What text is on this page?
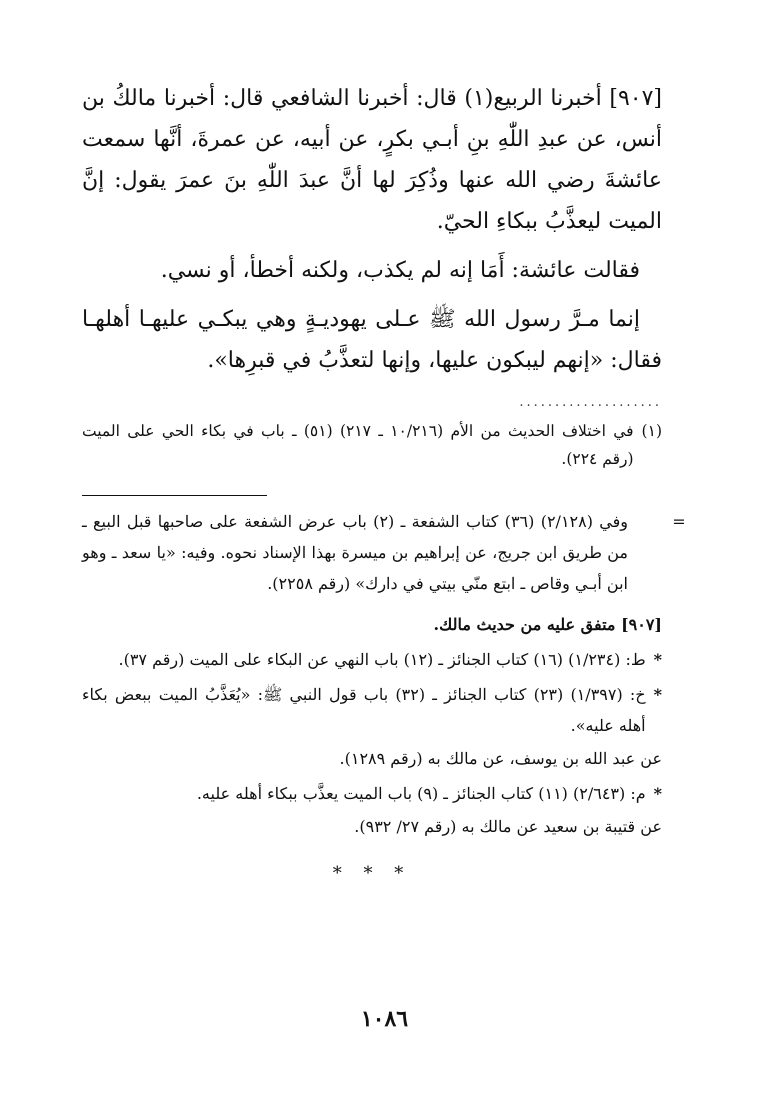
[٩٠٧] أخبرنا الربيع(١) قال: أخبرنا الشافعي قال: أخبرنا مالكُ بن أنس، عن عبدِ اللّٰهِ بنِ أبـي بكرٍ، عن أبيه، عن عمرةَ، أنَّها سمعت عائشةَ رضي الله عنها وذُكِرَ لها أنَّ عبدَ اللّٰهِ بنَ عمرَ يقول: إنَّ الميت ليعذَّبُ ببكاءِ الحيّ.

فقالت عائشة: أَمَا إنه لم يكذب، ولكنه أخطأ، أو نسي.

إنما مـرَّ رسول الله ﷺ عـلى يهوديـةٍ وهي يبكـي عليهـا أهلهـا فقال: «إنهم ليبكون عليها، وإنها لتعذَّبُ في قبرِها».

....................
(١)
في اختلاف الحديث من الأم (١٠/٢١٦ ـ ٢١٧) (٥١) ـ باب في بكاء الحي على الميت (رقم ٢٢٤).
=

وفي (٢/١٢٨) (٣٦) كتاب الشفعة ـ (٢) باب عرض الشفعة على صاحبها قبل البيع ـ من طريق ابن جريج، عن إبراهيم بن ميسرة بهذا الإسناد نحوه. وفيه: «يا سعد ـ وهو ابن أبـي وقاص ـ ابتع منّي بيتي في دارك» (رقم ٢٢٥٨).

[٩٠٧] متفق عليه من حديث مالك.

*
ط: (١/٢٣٤) (١٦) كتاب الجنائز ـ (١٢) باب النهي عن البكاء على الميت (رقم ٣٧).
*
خ: (١/٣٩٧) (٢٣) كتاب الجنائز ـ (٣٢) باب قول النبي ﷺ: «يُعَذَّبُ الميت ببعض بكاء أهله عليه».

عن عبد الله بن يوسف، عن مالك به (رقم ١٢٨٩).

*
م: (٢/٦٤٣) (١١) كتاب الجنائز ـ (٩) باب الميت يعذَّب ببكاء أهله عليه.

عن قتيبة بن سعيد عن مالك به (رقم ٢٧/ ٩٣٢).

* * *
١٠٨٦
